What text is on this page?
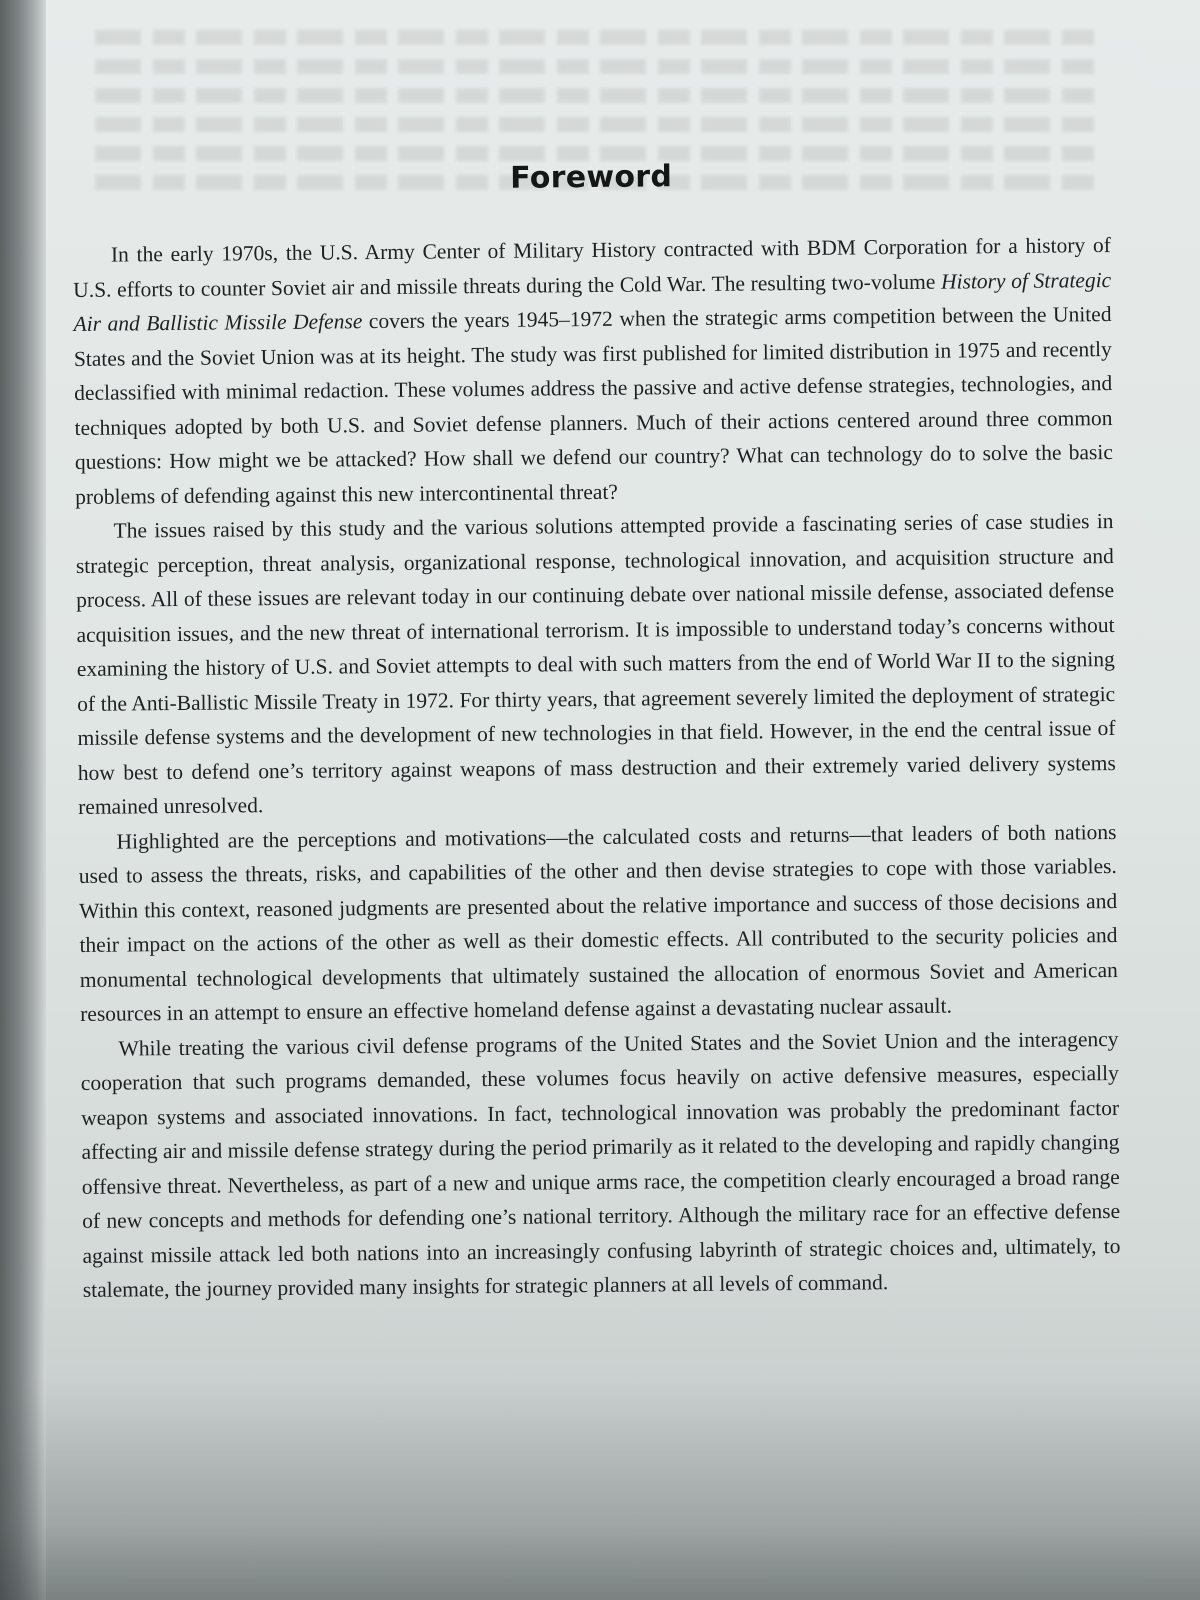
Foreword

In the early 1970s, the U.S. Army Center of Military History contracted with BDM Corporation for a history of U.S. efforts to counter Soviet air and missile threats during the Cold War. The resulting two-volume History of Strategic Air and Ballistic Missile Defense covers the years 1945–1972 when the strategic arms competition between the United States and the Soviet Union was at its height. The study was first published for limited distribution in 1975 and recently declassified with minimal redaction. These volumes address the passive and active defense strategies, technologies, and techniques adopted by both U.S. and Soviet defense planners. Much of their actions centered around three common questions: How might we be attacked? How shall we defend our country? What can technology do to solve the basic problems of defending against this new intercontinental threat?

The issues raised by this study and the various solutions attempted provide a fascinating series of case studies in strategic perception, threat analysis, organizational response, technological innovation, and acquisition structure and process. All of these issues are relevant today in our continuing debate over national missile defense, associated defense acquisition issues, and the new threat of international terrorism. It is impossible to understand today’s concerns without examining the history of U.S. and Soviet attempts to deal with such matters from the end of World War II to the signing of the Anti-Ballistic Missile Treaty in 1972. For thirty years, that agreement severely limited the deployment of strategic missile defense systems and the development of new technologies in that field. However, in the end the central issue of how best to defend one’s territory against weapons of mass destruction and their extremely varied delivery systems remained unresolved.

Highlighted are the perceptions and motivations—the calculated costs and returns—that leaders of both nations used to assess the threats, risks, and capabilities of the other and then devise strategies to cope with those variables. Within this context, reasoned judgments are presented about the relative importance and success of those decisions and their impact on the actions of the other as well as their domestic effects. All contributed to the security policies and monumental technological developments that ultimately sustained the allocation of enormous Soviet and American resources in an attempt to ensure an effective homeland defense against a devastating nuclear assault.

While treating the various civil defense programs of the United States and the Soviet Union and the interagency cooperation that such programs demanded, these volumes focus heavily on active defensive measures, especially weapon systems and associated innovations. In fact, technological innovation was probably the predominant factor affecting air and missile defense strategy during the period primarily as it related to the developing and rapidly changing offensive threat. Nevertheless, as part of a new and unique arms race, the competition clearly encouraged a broad range of new concepts and methods for defending one’s national territory. Although the military race for an effective defense against missile attack led both nations into an increasingly confusing labyrinth of strategic choices and, ultimately, to stalemate, the journey provided many insights for strategic planners at all levels of command.
